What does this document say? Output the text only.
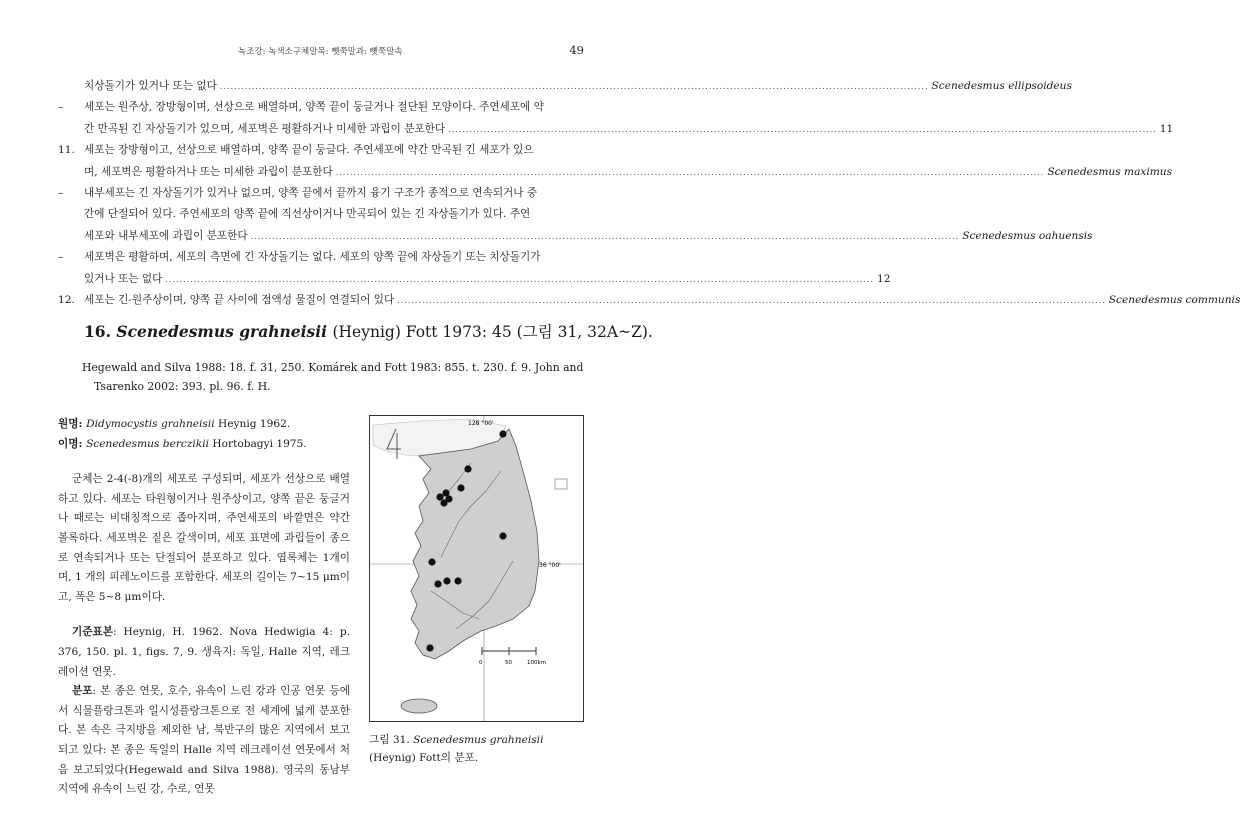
녹조강: 녹색소구체말목: 뼷쭉말과: 뼷쭉말속	49
치상돌기가 있거나 또는 없다 ........................................................................................................................................................................................................ Scenedesmus ellipsoideus
–	세포는 원주상, 장방형이며, 선상으로 배열하며, 양쪽 끝이 둥글거나 절단된 모양이다. 주연세포에 약
간 만곡된 긴 자상돌기가 있으며, 세포벽은 평활하거나 미세한 과립이 분포한다 ........................................................................................................................................................................................................ 11
11. 세포는 장방형이고, 선상으로 배열하며, 양쪽 끝이 둥글다. 주연세포에 약간 만곡된 긴 세포가 있으
며, 세포벽은 평활하거나 또는 미세한 과립이 분포한다 ........................................................................................................................................................................................................ Scenedesmus maximus
–	내부세포는 긴 자상돌기가 있거나 없으며, 양쪽 끝에서 끝까지 융기 구조가 종적으로 연속되거나 중
간에 단절되어 있다. 주연세포의 양쪽 끝에 직선상이거나 만곡되어 있는 긴 자상돌기가 있다. 주연
세포와 내부세포에 과립이 분포한다 ........................................................................................................................................................................................................ Scenedesmus oahuensis
–	세포벽은 평활하며, 세포의 측면에 긴 자상돌기는 없다. 세포의 양쪽 끝에 자상돌기 또는 치상돌기가
있거나 또는 없다 ........................................................................................................................................................................................................ 12
12. 세포는 긴-원주상이며, 양쪽 끝 사이에 점액성 물질이 연결되어 있다 ........................................................................................................................................................................................................ Scenedesmus communis
16. Scenedesmus grahneisii (Heynig) Fott 1973: 45 (그림 31, 32A~Z).
Hegewald and Silva 1988: 18. f. 31, 250. Komárek and Fott 1983: 855. t. 230. f. 9. John and Tsarenko 2002: 393. pl. 96. f. H.

원명: Didymocystis grahneisii Heynig 1962.

이명: Scenedesmus berczikii Hortobagyi 1975.

군체는 2-4(-8)개의 세포로 구성되며, 세포가 선상으로 배열하고 있다. 세포는 타원형이거나 원주상이고, 양쪽 끝은 둥글거나 때로는 비대칭적으로 좁아지며, 주연세포의 바깥면은 약간 볼록하다. 세포벽은 짙은 갈색이며, 세포 표면에 과립들이 종으로 연속되거나 또는 단절되어 분포하고 있다. 엽록체는 1개이며, 1 개의 피레노이드를 포함한다. 세포의 길이는 7~15 μm이고, 폭은 5~8 μm이다.

기준표본: Heynig, H. 1962. Nova Hedwigia 4: p. 376, 150. pl. 1, figs. 7, 9. 생육지: 독일, Halle 지역, 레크 레이션 연못.

분포: 본 종은 연못, 호수, 유속이 느린 강과 인공 연못 등에서 식물플랑크톤과 일시성플랑크톤으로 전 세계에 넓게 분포한다. 본 속은 극지방을 제외한 남, 북반구의 많은 지역에서 보고되고 있다: 본 종은 독일의 Halle 지역 레크레이션 연못에서 처음 보고되었다(Hegewald and Silva 1988). 영국의 동남부 지역에 유속이 느린 강, 수로, 연못

0	50	100km
128 °00'
36 °00'
그림 31. Scenedesmus grahneisii (Heynig) Fott의 분포.
